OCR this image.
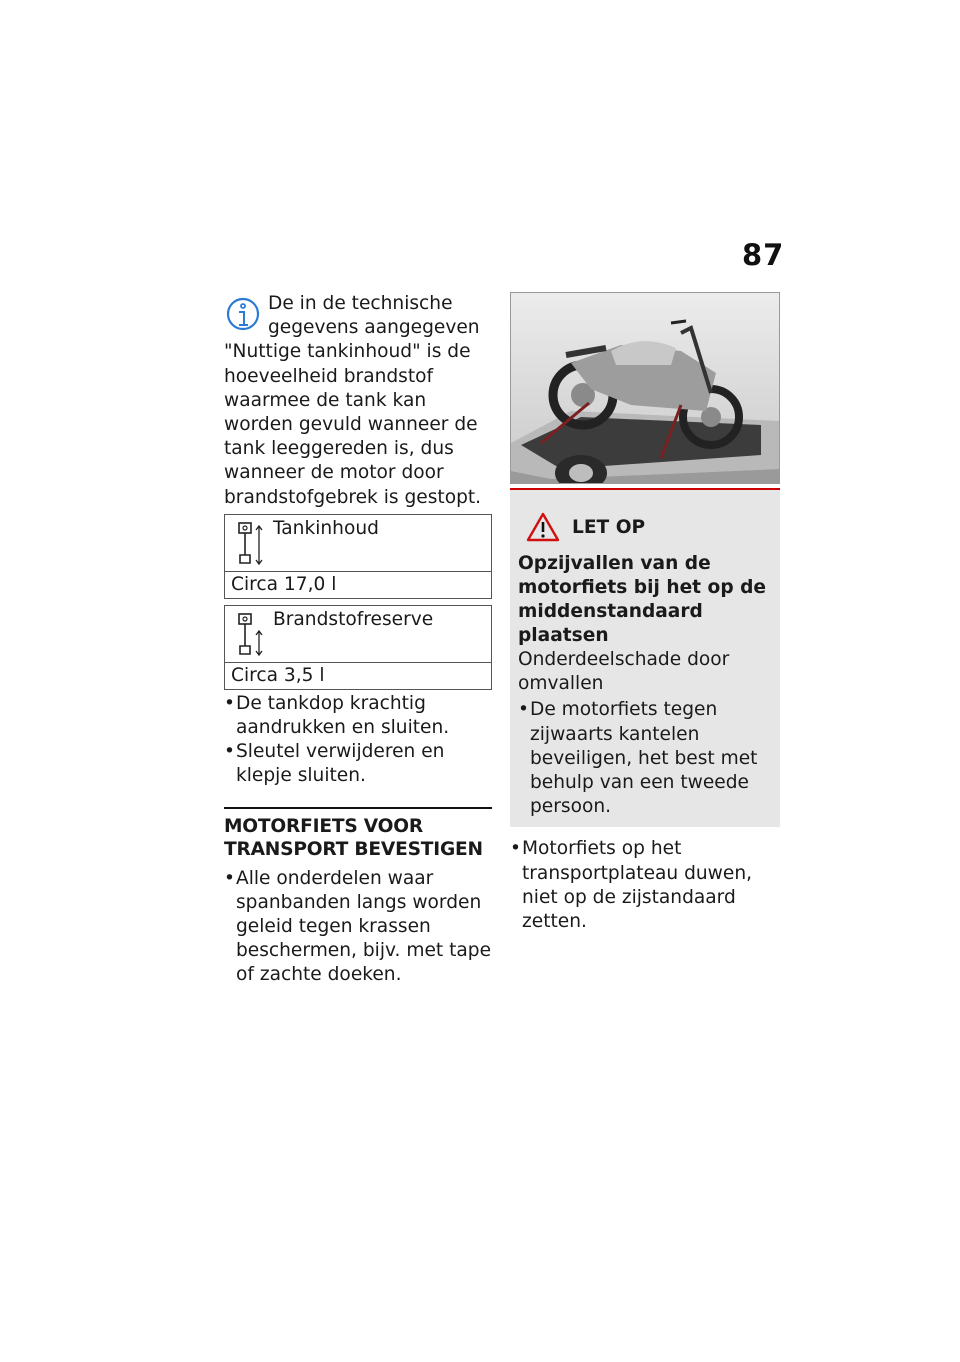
87

De in de technische gegevens aangegeven "Nuttige tankinhoud" is de hoeveelheid brandstof waarmee de tank kan worden gevuld wanneer de tank leeggereden is, dus wanneer de motor door brandstofgebrek is gestopt.

Tankinhoud
Circa 17,0 l
Brandstofreserve
Circa 3,5 l
• De tankdop krachtig aandrukken en sluiten.
• Sleutel verwijderen en klepje sluiten.
MOTORFIETS VOOR TRANSPORT BEVESTIGEN
• Alle onderdelen waar spanbanden langs worden geleid tegen krassen beschermen, bijv. met tape of zachte doeken.
LET OP

Opzijvallen van de motorfiets bij het op de middenstandaard plaatsen

Onderdeelschade door omvallen

• De motorfiets tegen zijwaarts kantelen beveiligen, het best met behulp van een tweede persoon.
• Motorfiets op het transportplateau duwen, niet op de zijstandaard zetten.
